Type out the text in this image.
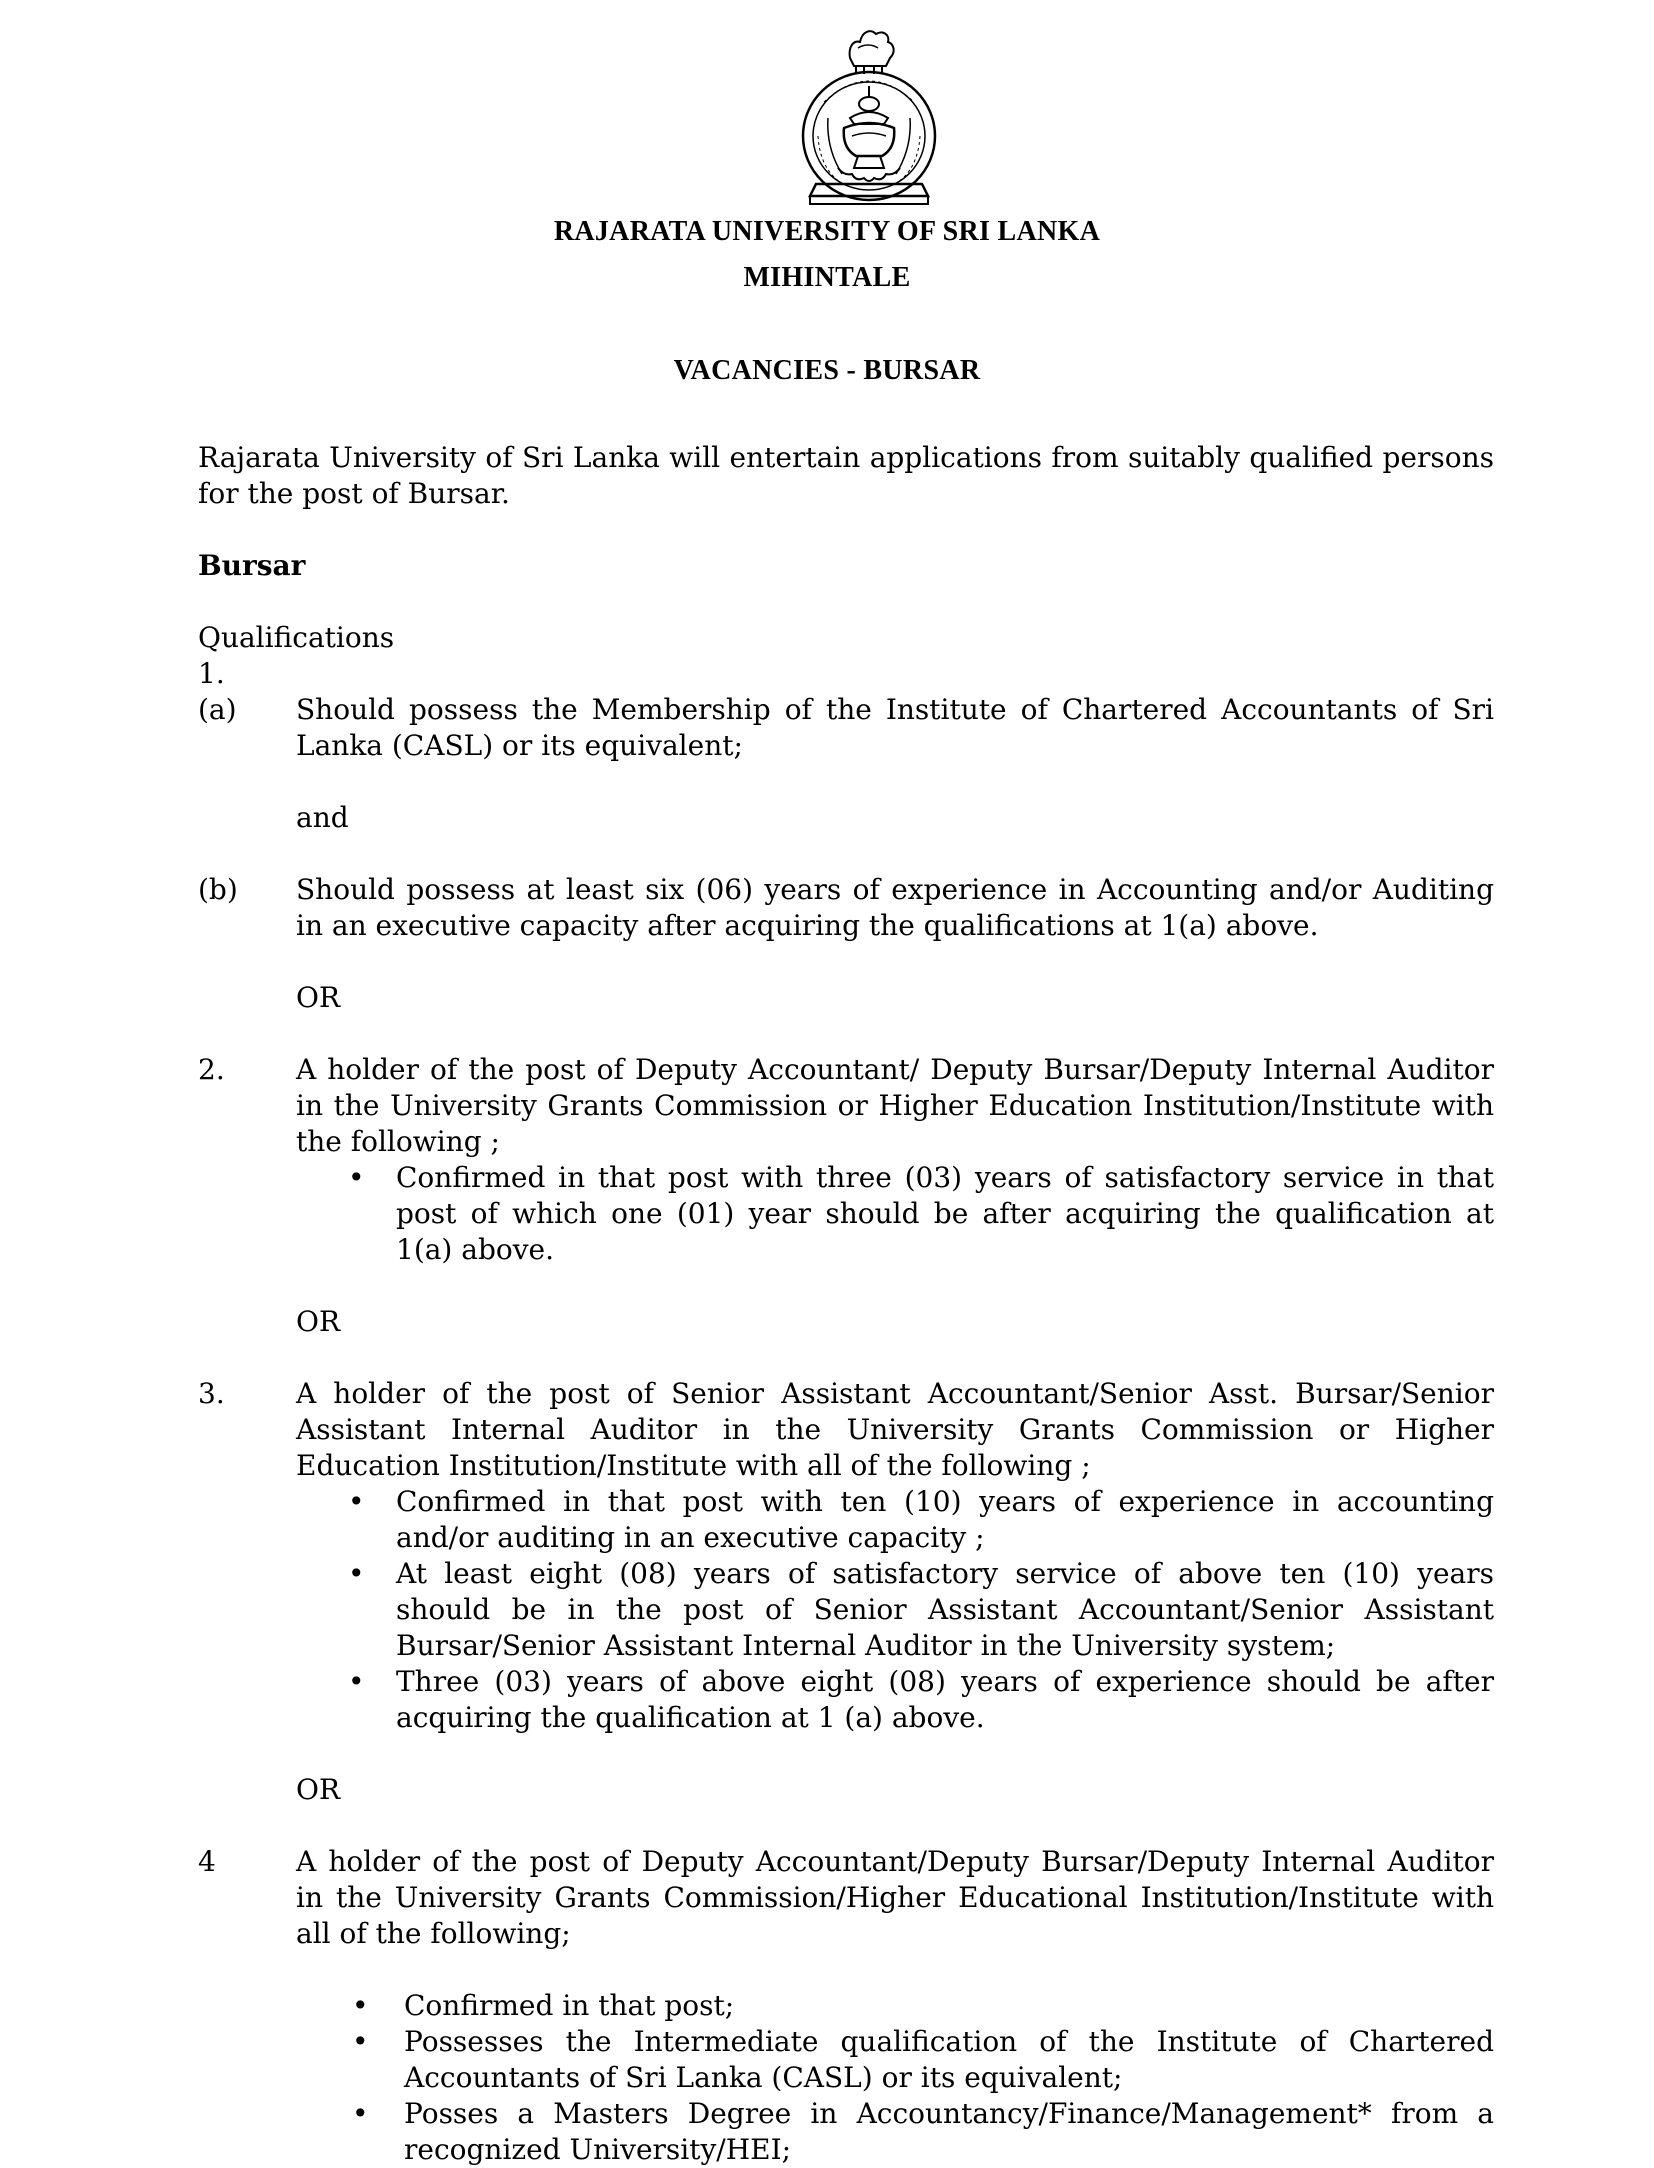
RAJARATA UNIVERSITY OF SRI LANKA
MIHINTALE
VACANCIES - BURSAR

Rajarata University of Sri Lanka will entertain applications from suitably qualified persons for the post of Bursar.

Bursar
Qualifications
1.
(a)	Should possess the Membership of the Institute of Chartered Accountants of Sri Lanka (CASL) or its equivalent;
and
(b)	Should possess at least six (06) years of experience in Accounting and/or Auditing in an executive capacity after acquiring the qualifications at 1(a) above.
OR
2.	A holder of the post of Deputy Accountant/ Deputy Bursar/Deputy Internal Auditor in the University Grants Commission or Higher Education Institution/Institute with the following ;
• Confirmed in that post with three (03) years of satisfactory service in that post of which one (01) year should be after acquiring the qualification at 1(a) above.
OR
3.	A holder of the post of Senior Assistant Accountant/Senior Asst. Bursar/Senior Assistant Internal Auditor in the University Grants Commission or Higher Education Institution/Institute with all of the following ;
• Confirmed in that post with ten (10) years of experience in accounting and/or auditing in an executive capacity ;
• At least eight (08) years of satisfactory service of above ten (10) years should be in the post of Senior Assistant Accountant/Senior Assistant Bursar/Senior Assistant Internal Auditor in the University system;
• Three (03) years of above eight (08) years of experience should be after acquiring the qualification at 1 (a) above.
OR
4	A holder of the post of Deputy Accountant/Deputy Bursar/Deputy Internal Auditor in the University Grants Commission/Higher Educational Institution/Institute with all of the following;
• Confirmed in that post;
• Possesses the Intermediate qualification of the Institute of Chartered Accountants of Sri Lanka (CASL) or its equivalent;
• Posses a Masters Degree in Accountancy/Finance/Management* from a recognized University/HEI;
